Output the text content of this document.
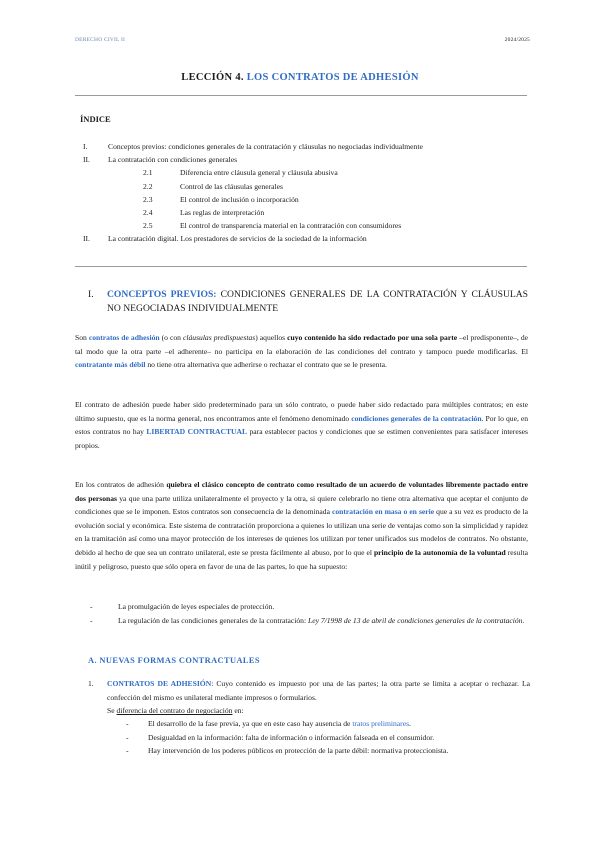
DERECHO CIVIL II	2024/2025
LECCIÓN 4. LOS CONTRATOS DE ADHESIÓN
ÍNDICE
I.	Conceptos previos: condiciones generales de la contratación y cláusulas no negociadas individualmente
II. La contratación con condiciones generales
2.1	Diferencia entre cláusula general y cláusula abusiva
2.2	Control de las cláusulas generales
2.3	El control de inclusión o incorporación
2.4	Las reglas de interpretación
2.5	El control de transparencia material en la contratación con consumidores
II. La contratación digital. Los prestadores de servicios de la sociedad de la información
I.	CONCEPTOS PREVIOS: CONDICIONES GENERALES DE LA CONTRATACIÓN Y CLÁUSULAS NO NEGOCIADAS INDIVIDUALMENTE
Son contratos de adhesión (o con cláusulas predispuestas) aquellos cuyo contenido ha sido redactado por una sola parte –el predisponente–, de tal modo que la otra parte –el adherente– no participa en la elaboración de las condiciones del contrato y tampoco puede modificarlas. El contratante más débil no tiene otra alternativa que adherirse o rechazar el contrato que se le presenta.
El contrato de adhesión puede haber sido predeterminado para un sólo contrato, o puede haber sido redactado para múltiples contratos; en este último supuesto, que es la norma general, nos encontramos ante el fenómeno denominado condiciones generales de la contratación. Por lo que, en estos contratos no hay LIBERTAD CONTRACTUAL para establecer pactos y condiciones que se estimen convenientes para satisfacer intereses propios.
En los contratos de adhesión quiebra el clásico concepto de contrato como resultado de un acuerdo de voluntades libremente pactado entre dos personas ya que una parte utiliza unilateralmente el proyecto y la otra, si quiere celebrarlo no tiene otra alternativa que aceptar el conjunto de condiciones que se le imponen. Estos contratos son consecuencia de la denominada contratación en masa o en serie que a su vez es producto de la evolución social y económica. Este sistema de contratación proporciona a quienes lo utilizan una serie de ventajas como son la simplicidad y rapidez en la tramitación así como una mayor protección de los intereses de quienes los utilizan por tener unificados sus modelos de contratos. No obstante, debido al hecho de que sea un contrato unilateral, este se presta fácilmente al abuso, por lo que el principio de la autonomía de la voluntad resulta inútil y peligroso, puesto que sólo opera en favor de una de las partes, lo que ha supuesto:
-	La promulgación de leyes especiales de protección.
-	La regulación de las condiciones generales de la contratación: Ley 7/1998 de 13 de abril de condiciones generales de la contratación.
A. NUEVAS FORMAS CONTRACTUALES
1.	CONTRATOS DE ADHESIÓN: Cuyo contenido es impuesto por una de las partes; la otra parte se limita a aceptar o rechazar. La confección del mismo es unilateral mediante impresos o formularios.
Se diferencia del contrato de negociación en:
-	El desarrollo de la fase previa, ya que en este caso hay ausencia de tratos preliminares.
-	Desigualdad en la información: falta de información o información falseada en el consumidor.
-	Hay intervención de los poderes públicos en protección de la parte débil: normativa proteccionista.
